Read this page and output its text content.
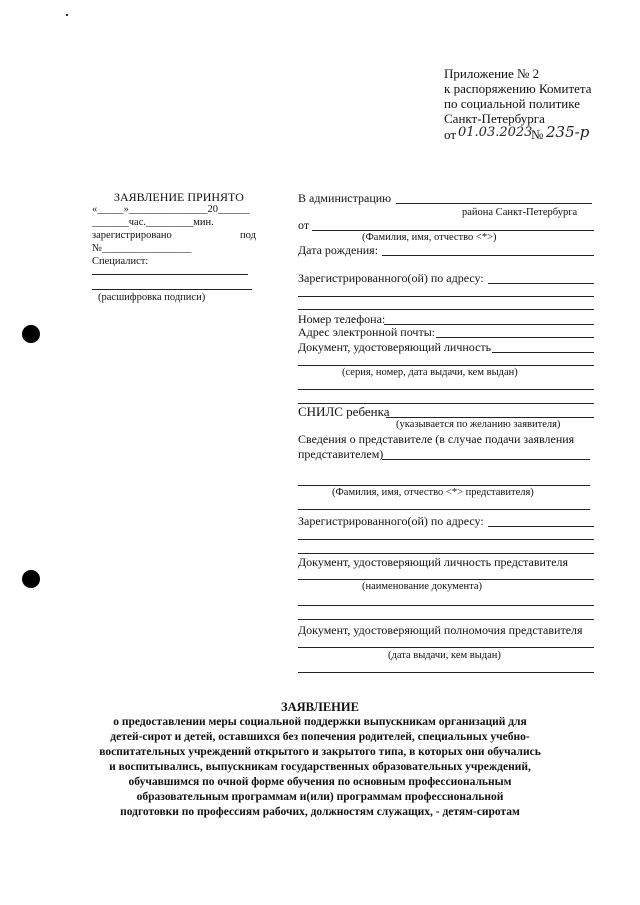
Приложение № 2
к распоряжению Комитета
по социальной политике
Санкт-Петербурга
от 01.03.2023
№ 235-р
ЗАЯВЛЕНИЕ ПРИНЯТО
«_____»_______________20______
_______час._________мин.
зарегистрировано	под
№_________________
Специалист:
(расшифровка подписи)
В администрацию
района Санкт-Петербурга
от
(Фамилия, имя, отчество <*>)
Дата рождения:
Зарегистрированного(ой) по адресу:
Номер телефона:
Адрес электронной почты:
Документ, удостоверяющий личность
(серия, номер, дата выдачи, кем выдан)
СНИЛС ребенка
(указывается по желанию заявителя)
Сведения о представителе (в случае подачи заявления
представителем)
(Фамилия, имя, отчество <*> представителя)
Зарегистрированного(ой) по адресу:
Документ, удостоверяющий личность представителя
(наименование документа)
Документ, удостоверяющий полномочия представителя
(дата выдачи, кем выдан)
ЗАЯВЛЕНИЕ
о предоставлении меры социальной поддержки выпускникам организаций для
детей-сирот и детей, оставшихся без попечения родителей, специальных учебно-
воспитательных учреждений открытого и закрытого типа, в которых они обучались
и воспитывались, выпускникам государственных образовательных учреждений,
обучавшимся по очной форме обучения по основным профессиональным
образовательным программам и(или) программам профессиональной
подготовки по профессиям рабочих, должностям служащих, - детям-сиротам
